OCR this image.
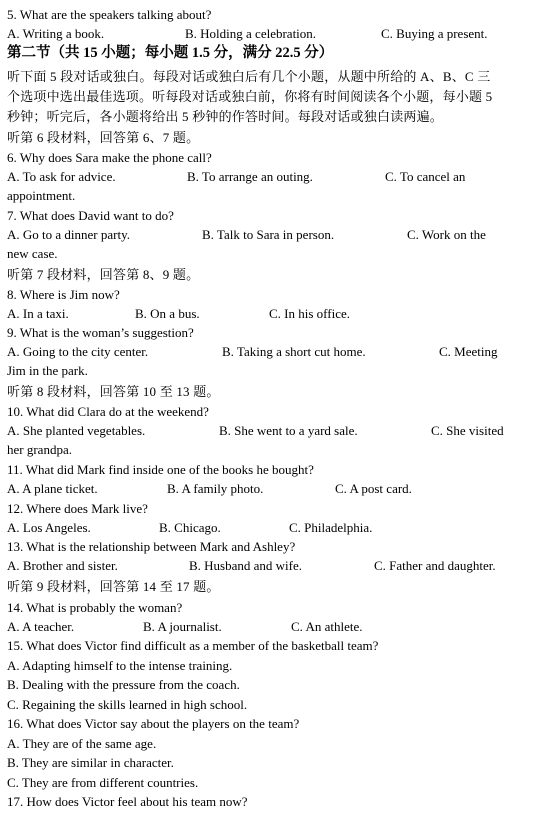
5. What are the speakers talking about?
A. Writing a book.	B. Holding a celebration.	C. Buying a present.
第二节（共 15 小题；每小题 1.5 分，满分 22.5 分）
听下面 5 段对话或独白。每段对话或独白后有几个小题，从题中所给的 A、B、C 三
个选项中选出最佳选项。听每段对话或独白前，你将有时间阅读各个小题，每小题 5
秒钟；听完后，各小题将给出 5 秒钟的作答时间。每段对话或独白读两遍。
听第 6 段材料，回答第 6、7 题。
6. Why does Sara make the phone call?
A. To ask for advice.	B. To arrange an outing.	C. To cancel an
appointment.
7. What does David want to do?
A. Go to a dinner party.	B. Talk to Sara in person.	C. Work on the
new case.
听第 7 段材料，回答第 8、9 题。
8. Where is Jim now?
A. In a taxi.	B. On a bus.	C. In his office.
9. What is the woman’s suggestion?
A. Going to the city center.	B. Taking a short cut home.	C. Meeting
Jim in the park.
听第 8 段材料，回答第 10 至 13 题。
10. What did Clara do at the weekend?
A. She planted vegetables.	B. She went to a yard sale.	C. She visited
her grandpa.
11. What did Mark find inside one of the books he bought?
A. A plane ticket.	B. A family photo.	C. A post card.
12. Where does Mark live?
A. Los Angeles.	B. Chicago.	C. Philadelphia.
13. What is the relationship between Mark and Ashley?
A. Brother and sister.	B. Husband and wife.	C. Father and daughter.
听第 9 段材料，回答第 14 至 17 题。
14. What is probably the woman?
A. A teacher.	B. A journalist.	C. An athlete.
15. What does Victor find difficult as a member of the basketball team?
A. Adapting himself to the intense training.
B. Dealing with the pressure from the coach.
C. Regaining the skills learned in high school.
16. What does Victor say about the players on the team?
A. They are of the same age.
B. They are similar in character.
C. They are from different countries.
17. How does Victor feel about his team now?
